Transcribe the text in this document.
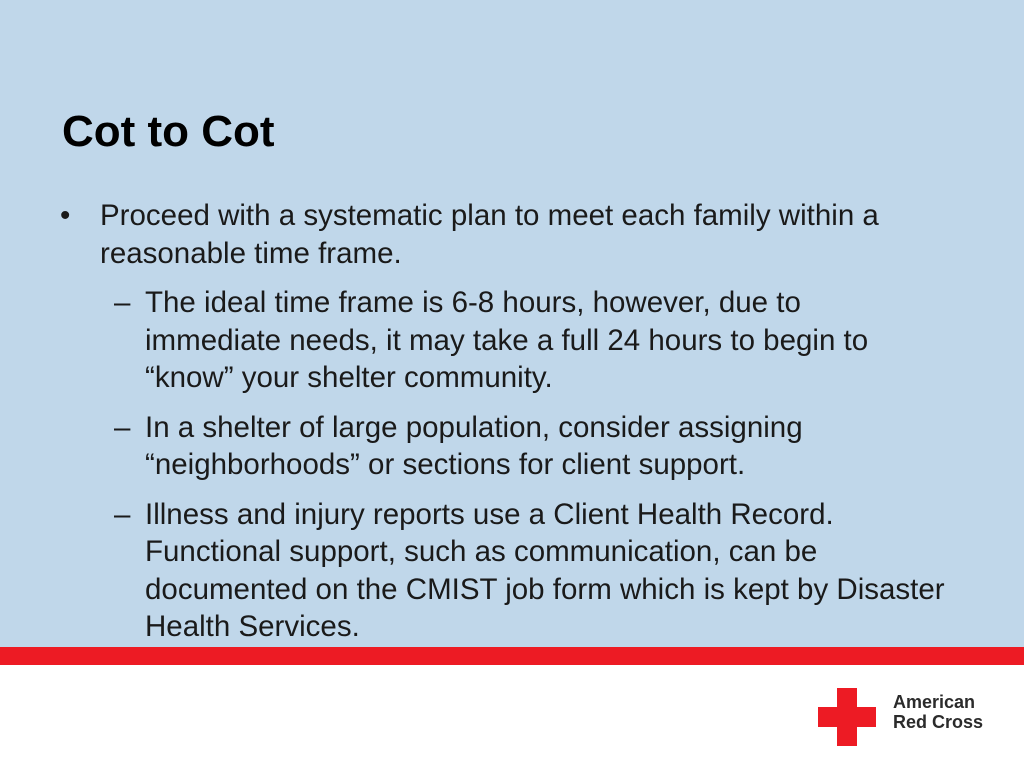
Cot to Cot
• Proceed with a systematic plan to meet each family within a reasonable time frame.
– The ideal time frame is 6-8 hours, however, due to immediate needs, it may take a full 24 hours to begin to “know” your shelter community.
– In a shelter of large population, consider assigning “neighborhoods” or sections for client support.
– Illness and injury reports use a Client Health Record. Functional support, such as communication, can be documented on the CMIST job form which is kept by Disaster Health Services.
American
Red Cross
